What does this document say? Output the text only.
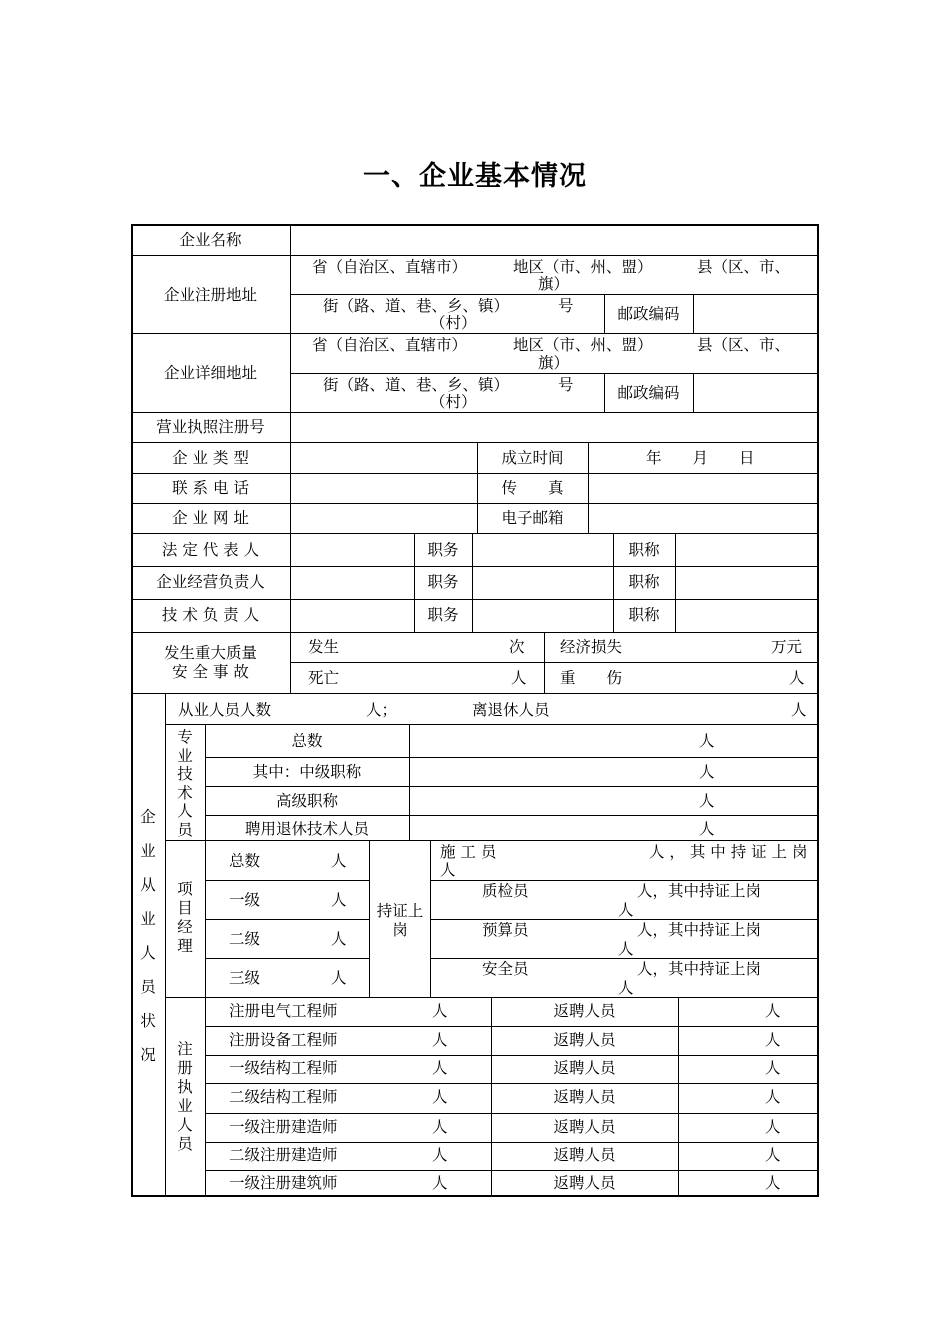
一、企业基本情况
企业名称
企业注册地址
省（自治区、直辖市）	地区（市、州、盟）	县（区、市、
旗）
街（路、道、巷、乡、镇）	号
（村）	邮政编码
企业详细地址
省（自治区、直辖市）	地区（市、州、盟）	县（区、市、
旗）
街（路、道、巷、乡、镇）	号
（村）	邮政编码
营业执照注册号
企 业 类 型	成立时间	年　　月　　日
联 系 电 话	传　　真
企 业 网 址	电子邮箱
法 定 代 表 人	职务	职称
企业经营负责人	职务	职称
技 术 负 责 人	职务	职称
发生重大质量
安 全 事 故
发生	次 经济损失	万元
死亡	人 重　　伤	人
企业从业人员状况
从业人员人数	人；	离退休人员	人
专业技术人员
总数	人
其中：中级职称	人
高级职称	人
聘用退休技术人员	人
项目经理
总数	人
一级	人
二级	人
三级	人
持证上岗
施 工 员	人 ， 其 中 持 证 上 岗
人
质检员	人，其中持证上岗
人
预算员	人，其中持证上岗
人
安全员	人，其中持证上岗
人
注册执业人员
注册电气工程师	人	返聘人员	人
注册设备工程师	人	返聘人员	人
一级结构工程师	人	返聘人员	人
二级结构工程师	人	返聘人员	人
一级注册建造师	人	返聘人员	人
二级注册建造师	人	返聘人员	人
一级注册建筑师	人	返聘人员	人
